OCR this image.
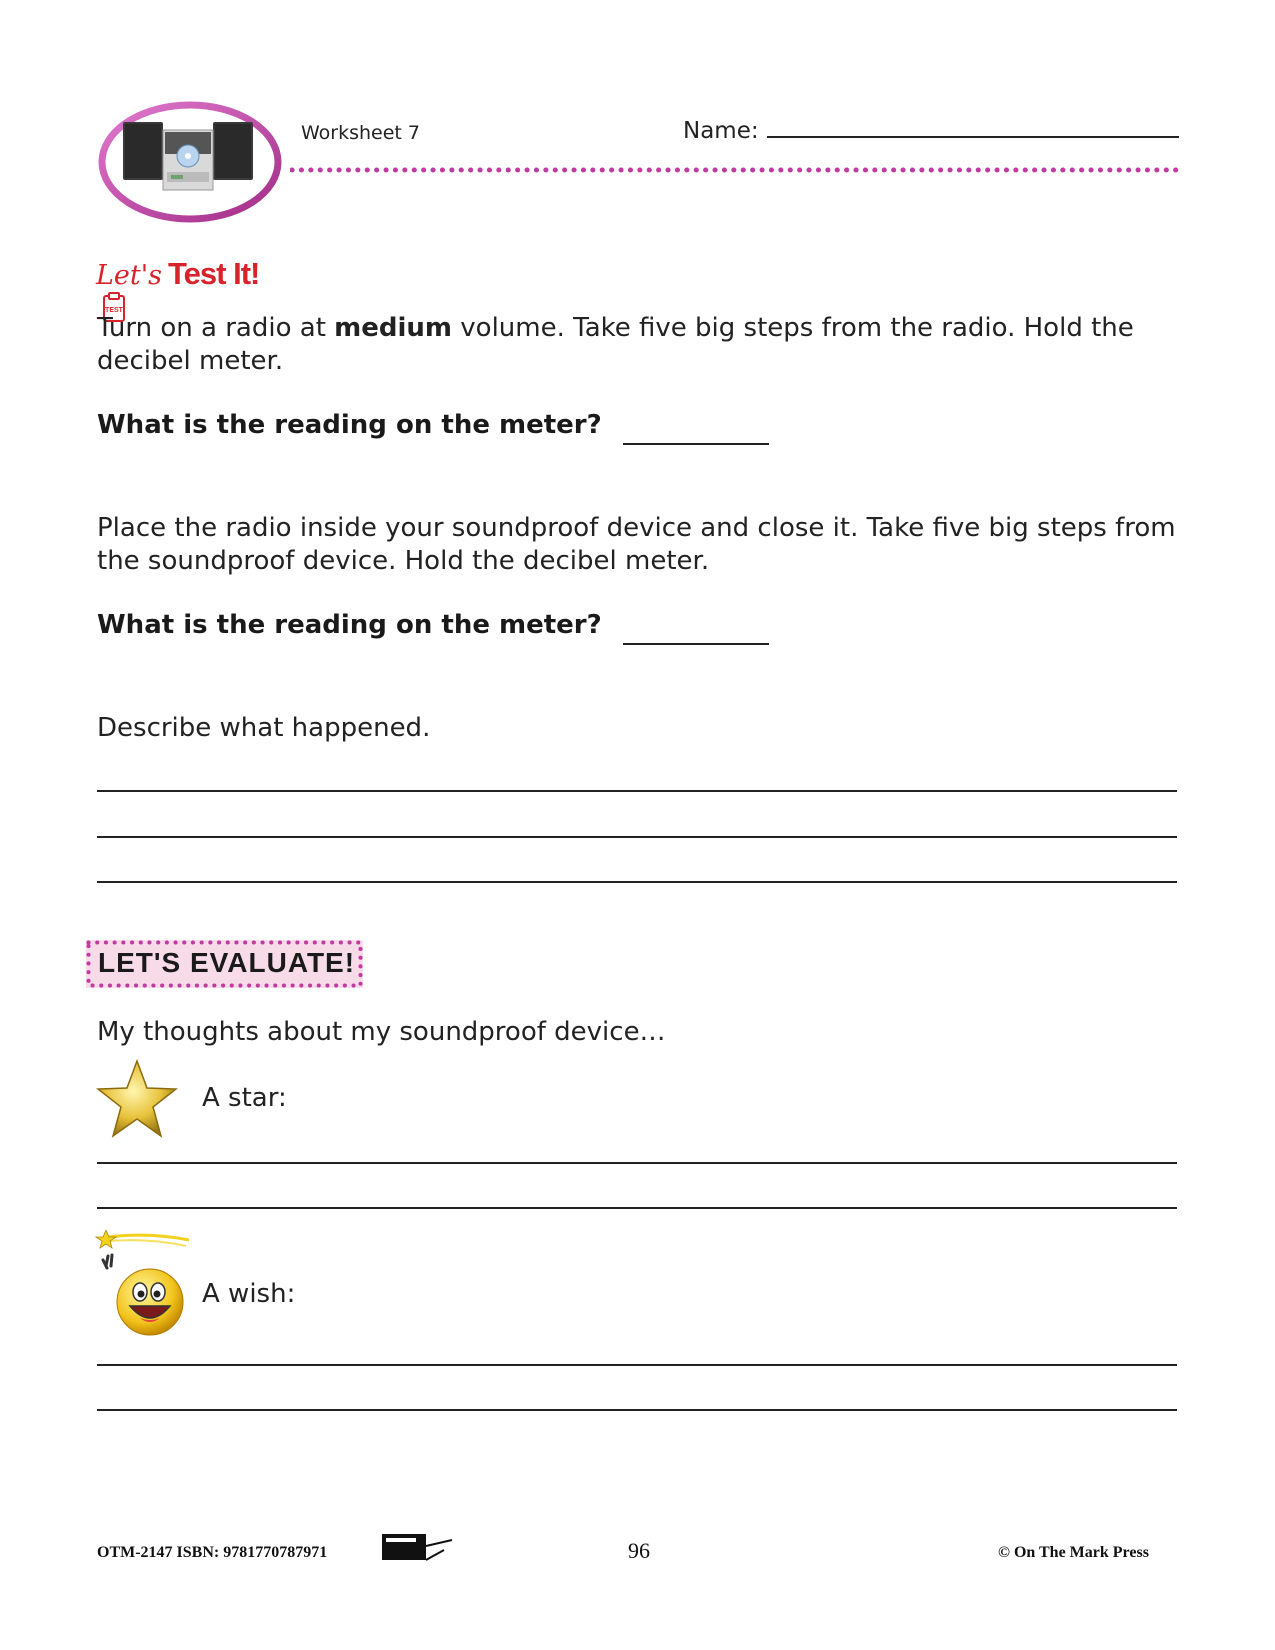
Worksheet 7	Name:
Let's Test It!
TEST
Turn on a radio at medium volume. Take five big steps from the radio. Hold the decibel meter.
What is the reading on the meter?
Place the radio inside your soundproof device and close it. Take five big steps from the soundproof device. Hold the decibel meter.
What is the reading on the meter?
Describe what happened.
LET'S EVALUATE!
My thoughts about my soundproof device…
A star:
A wish:
OTM-2147 ISBN: 9781770787971	96	© On The Mark Press
